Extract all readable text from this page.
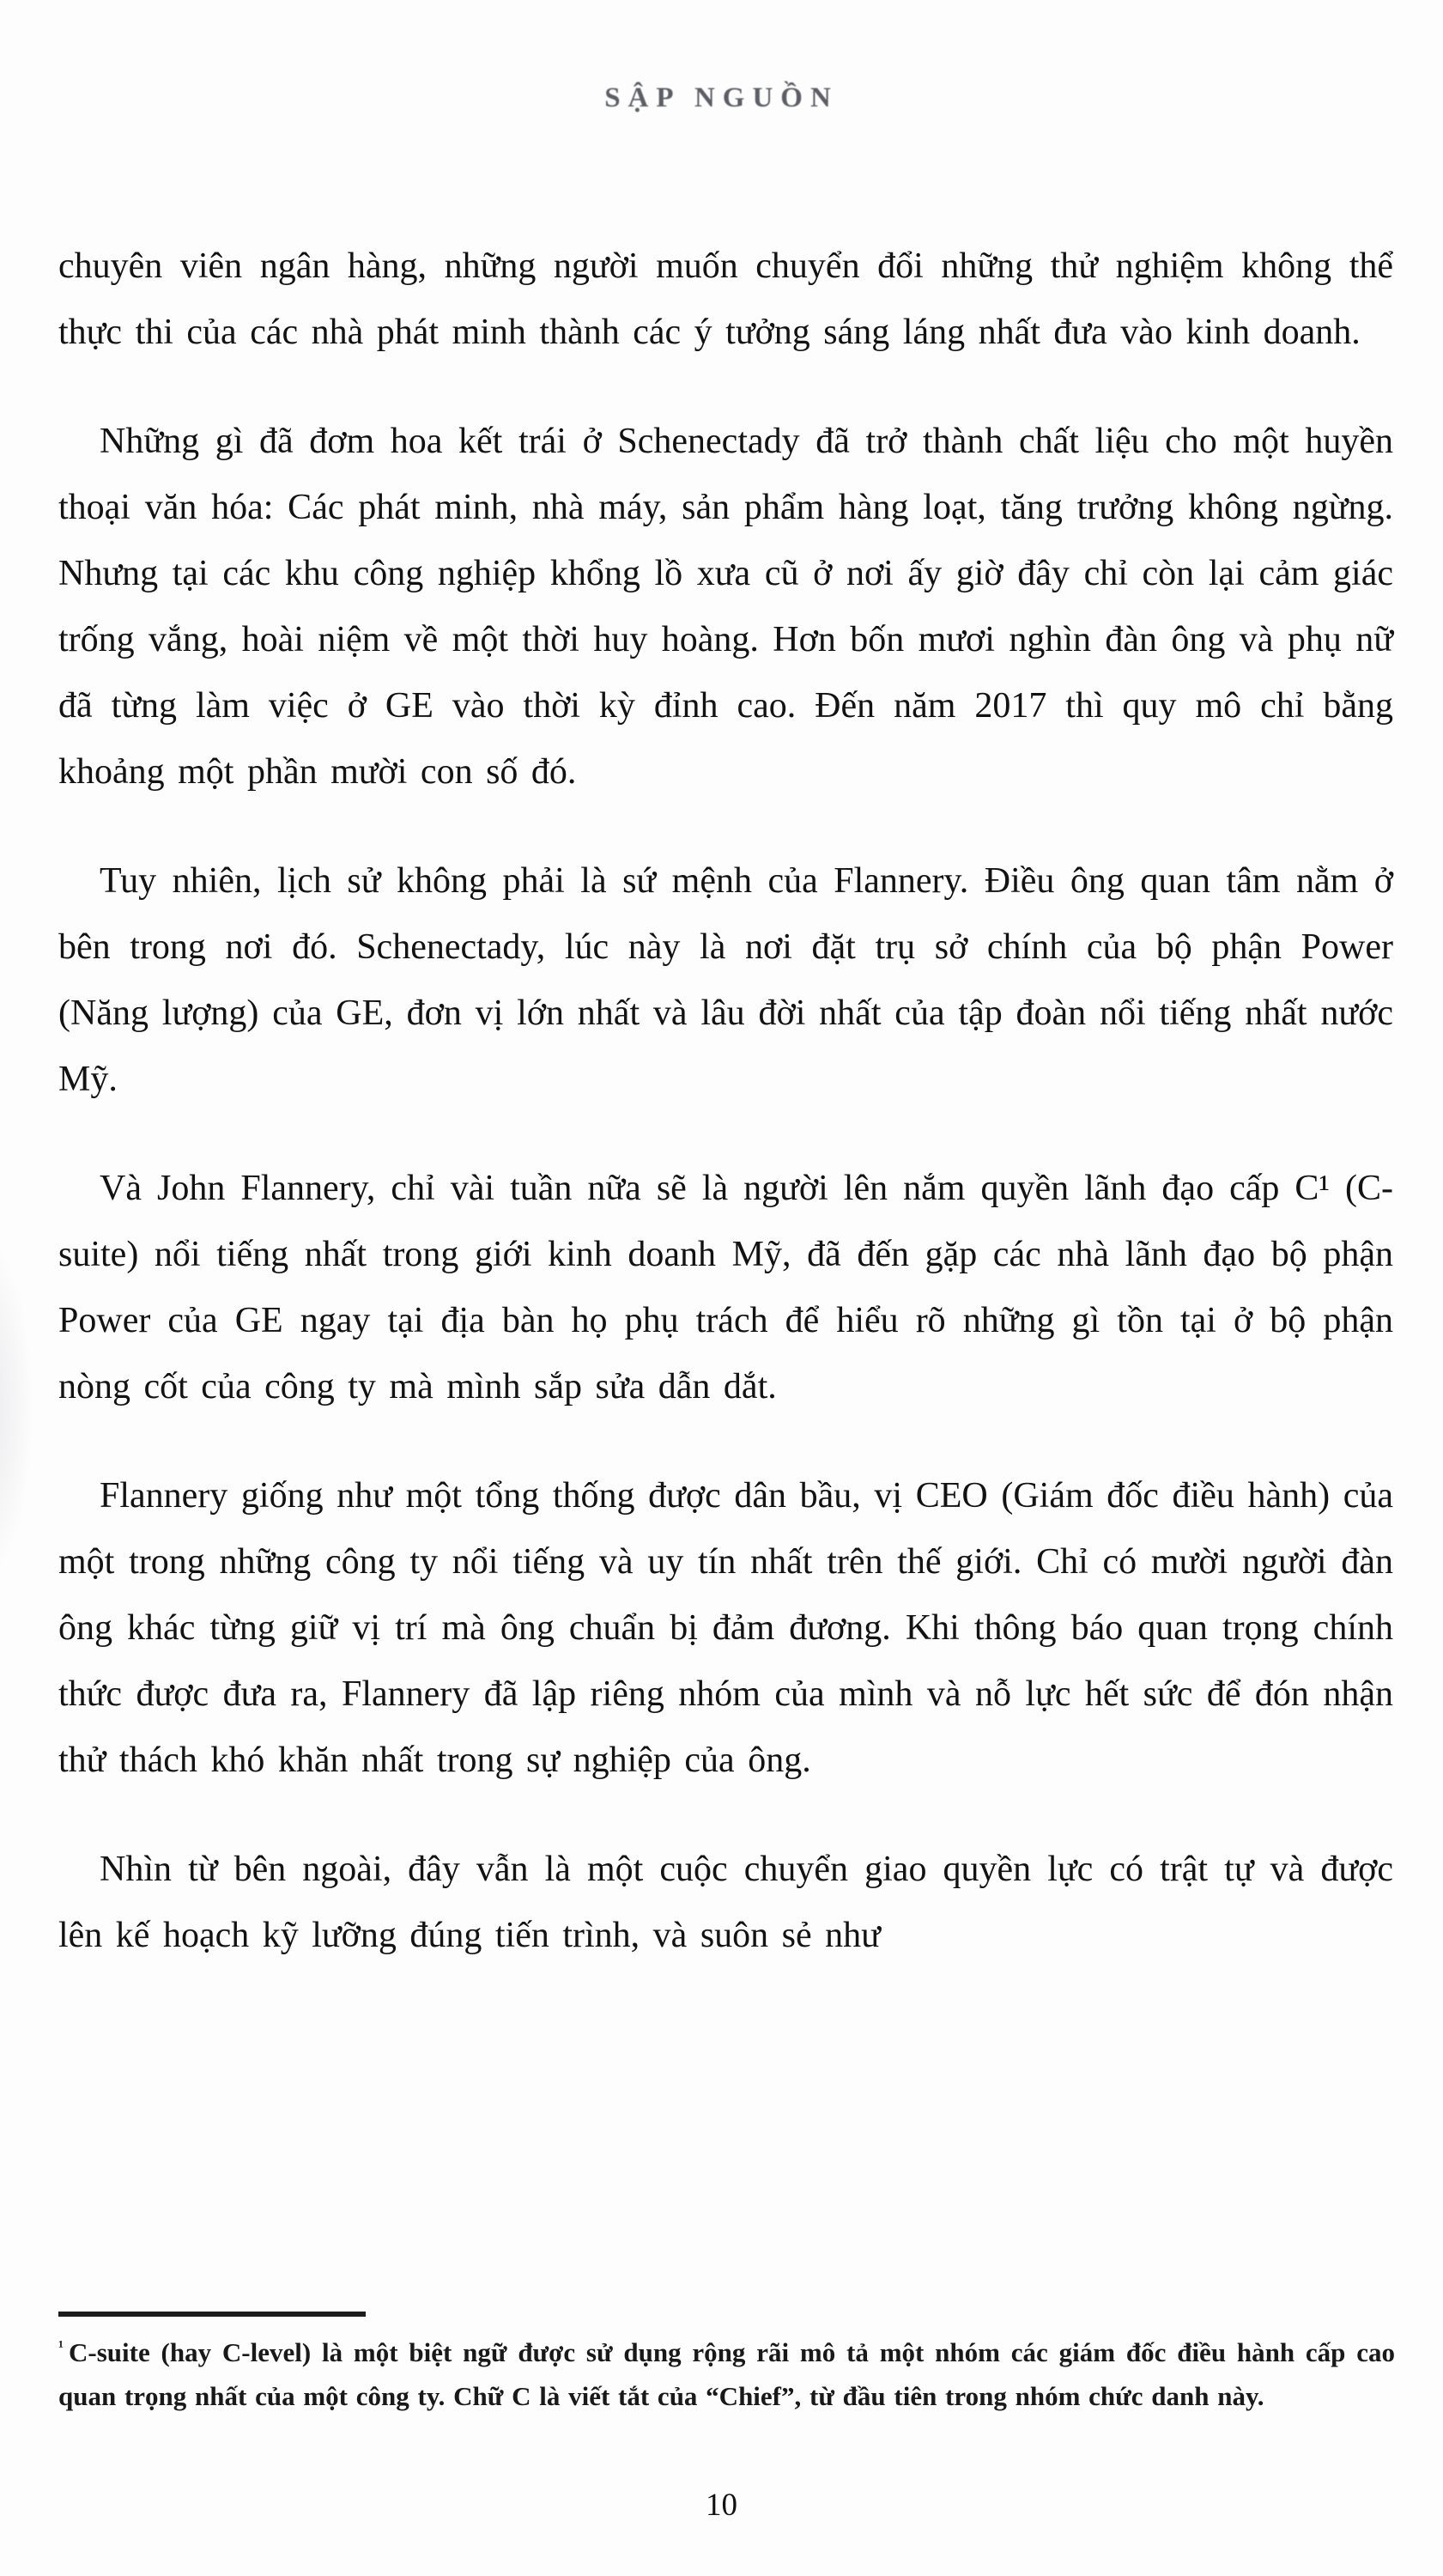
SẬP NGUỒN

chuyên viên ngân hàng, những người muốn chuyển đổi những thử nghiệm không thể thực thi của các nhà phát minh thành các ý tưởng sáng láng nhất đưa vào kinh doanh.

Những gì đã đơm hoa kết trái ở Schenectady đã trở thành chất liệu cho một huyền thoại văn hóa: Các phát minh, nhà máy, sản phẩm hàng loạt, tăng trưởng không ngừng. Nhưng tại các khu công nghiệp khổng lồ xưa cũ ở nơi ấy giờ đây chỉ còn lại cảm giác trống vắng, hoài niệm về một thời huy hoàng. Hơn bốn mươi nghìn đàn ông và phụ nữ đã từng làm việc ở GE vào thời kỳ đỉnh cao. Đến năm 2017 thì quy mô chỉ bằng khoảng một phần mười con số đó.

Tuy nhiên, lịch sử không phải là sứ mệnh của Flannery. Điều ông quan tâm nằm ở bên trong nơi đó. Schenectady, lúc này là nơi đặt trụ sở chính của bộ phận Power (Năng lượng) của GE, đơn vị lớn nhất và lâu đời nhất của tập đoàn nổi tiếng nhất nước Mỹ.

Và John Flannery, chỉ vài tuần nữa sẽ là người lên nắm quyền lãnh đạo cấp C¹ (C-suite) nổi tiếng nhất trong giới kinh doanh Mỹ, đã đến gặp các nhà lãnh đạo bộ phận Power của GE ngay tại địa bàn họ phụ trách để hiểu rõ những gì tồn tại ở bộ phận nòng cốt của công ty mà mình sắp sửa dẫn dắt.

Flannery giống như một tổng thống được dân bầu, vị CEO (Giám đốc điều hành) của một trong những công ty nổi tiếng và uy tín nhất trên thế giới. Chỉ có mười người đàn ông khác từng giữ vị trí mà ông chuẩn bị đảm đương. Khi thông báo quan trọng chính thức được đưa ra, Flannery đã lập riêng nhóm của mình và nỗ lực hết sức để đón nhận thử thách khó khăn nhất trong sự nghiệp của ông.

Nhìn từ bên ngoài, đây vẫn là một cuộc chuyển giao quyền lực có trật tự và được lên kế hoạch kỹ lưỡng đúng tiến trình, và suôn sẻ như

$^{^1}$ C-suite (hay C-level) là một biệt ngữ được sử dụng rộng rãi mô tả một nhóm các giám đốc điều hành cấp cao quan trọng nhất của một công ty. Chữ C là viết tắt của “Chief”, từ đầu tiên trong nhóm chức danh này.
10
